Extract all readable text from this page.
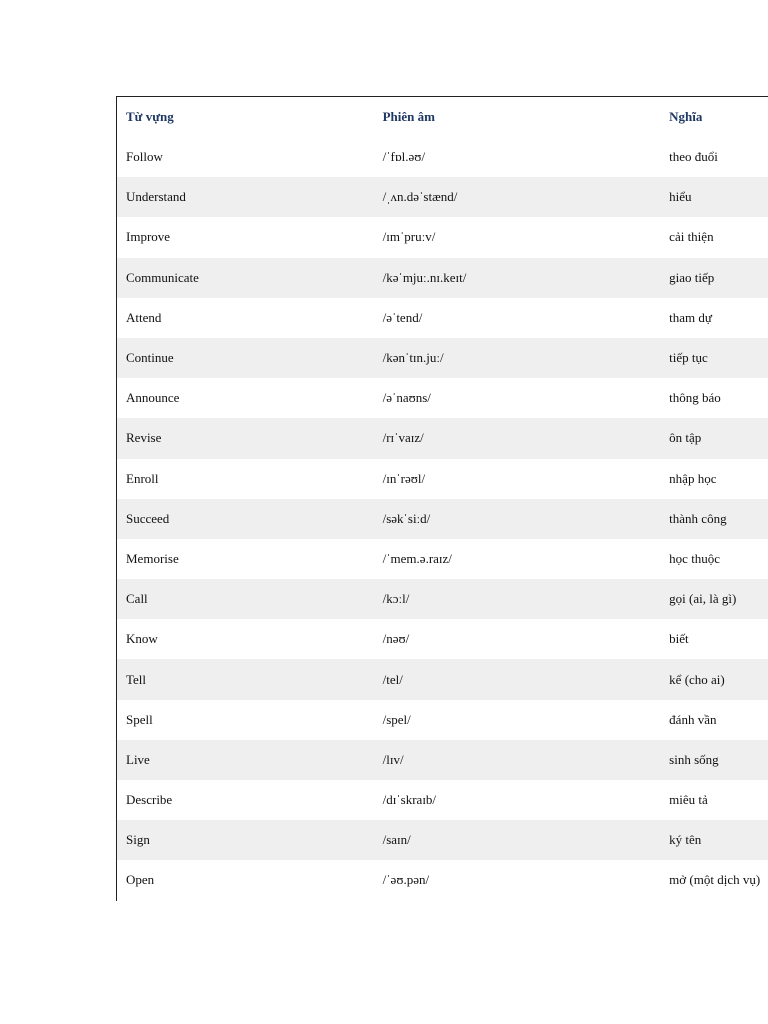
Từ vựng	Phiên âm	Nghĩa
Follow	/ˈfɒl.əʊ/	theo đuổi
Understand	/ˌʌn.dəˈstænd/	hiểu
Improve	/ɪmˈpruːv/	cải thiện
Communicate	/kəˈmjuː.nɪ.keɪt/	giao tiếp
Attend	/əˈtend/	tham dự
Continue	/kənˈtɪn.juː/	tiếp tục
Announce	/əˈnaʊns/	thông báo
Revise	/rɪˈvaɪz/	ôn tập
Enroll	/ɪnˈrəʊl/	nhập học
Succeed	/səkˈsiːd/	thành công
Memorise	/ˈmem.ə.raɪz/	học thuộc
Call	/kɔːl/	gọi (ai, là gì)
Know	/nəʊ/	biết
Tell	/tel/	kể (cho ai)
Spell	/spel/	đánh vần
Live	/lɪv/	sinh sống
Describe	/dɪˈskraɪb/	miêu tả
Sign	/saɪn/	ký tên
Open	/ˈəʊ.pən/	mở (một dịch vụ)
